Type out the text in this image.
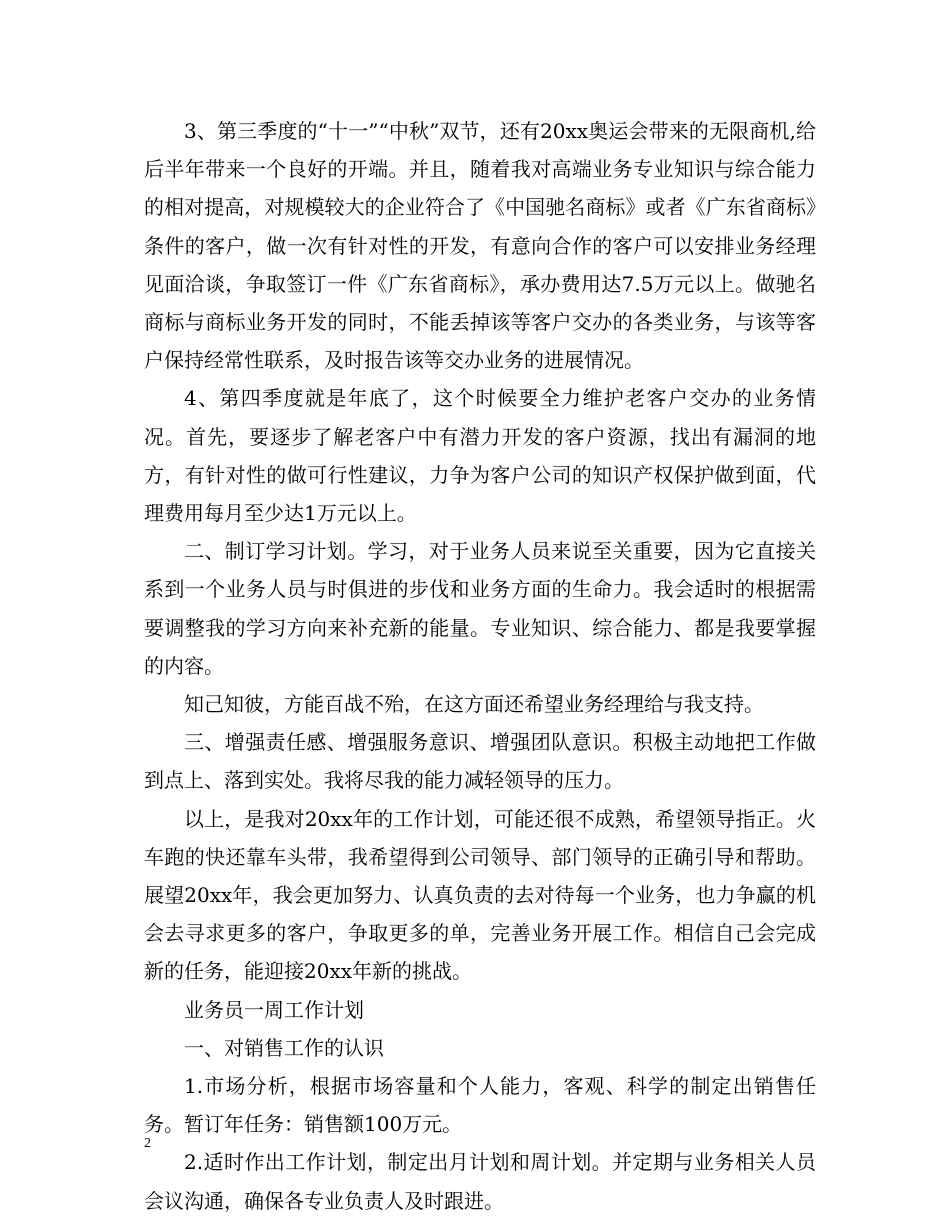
3、第三季度的“十一”“中秋”双节，还有20xx奥运会带来的无限商机,给后半年带来一个良好的开端。并且，随着我对高端业务专业知识与综合能力的相对提高，对规模较大的企业符合了《中国驰名商标》或者《广东省商标》条件的客户，做一次有针对性的开发，有意向合作的客户可以安排业务经理见面洽谈，争取签订一件《广东省商标》，承办费用达7.5万元以上。做驰名商标与商标业务开发的同时，不能丢掉该等客户交办的各类业务，与该等客户保持经常性联系，及时报告该等交办业务的进展情况。

4、第四季度就是年底了，这个时候要全力维护老客户交办的业务情况。首先，要逐步了解老客户中有潜力开发的客户资源，找出有漏洞的地方，有针对性的做可行性建议，力争为客户公司的知识产权保护做到面，代理费用每月至少达1万元以上。

二、制订学习计划。学习，对于业务人员来说至关重要，因为它直接关系到一个业务人员与时俱进的步伐和业务方面的生命力。我会适时的根据需要调整我的学习方向来补充新的能量。专业知识、综合能力、都是我要掌握的内容。

知己知彼，方能百战不殆，在这方面还希望业务经理给与我支持。

三、增强责任感、增强服务意识、增强团队意识。积极主动地把工作做到点上、落到实处。我将尽我的能力减轻领导的压力。

以上，是我对20xx年的工作计划，可能还很不成熟，希望领导指正。火车跑的快还靠车头带，我希望得到公司领导、部门领导的正确引导和帮助。展望20xx年，我会更加努力、认真负责的去对待每一个业务，也力争赢的机会去寻求更多的客户，争取更多的单，完善业务开展工作。相信自己会完成新的任务，能迎接20xx年新的挑战。

业务员一周工作计划

一、对销售工作的认识

1.市场分析，根据市场容量和个人能力，客观、科学的制定出销售任务。暂订年任务：销售额100万元。

2.适时作出工作计划，制定出月计划和周计划。并定期与业务相关人员会议沟通，确保各专业负责人及时跟进。

2
